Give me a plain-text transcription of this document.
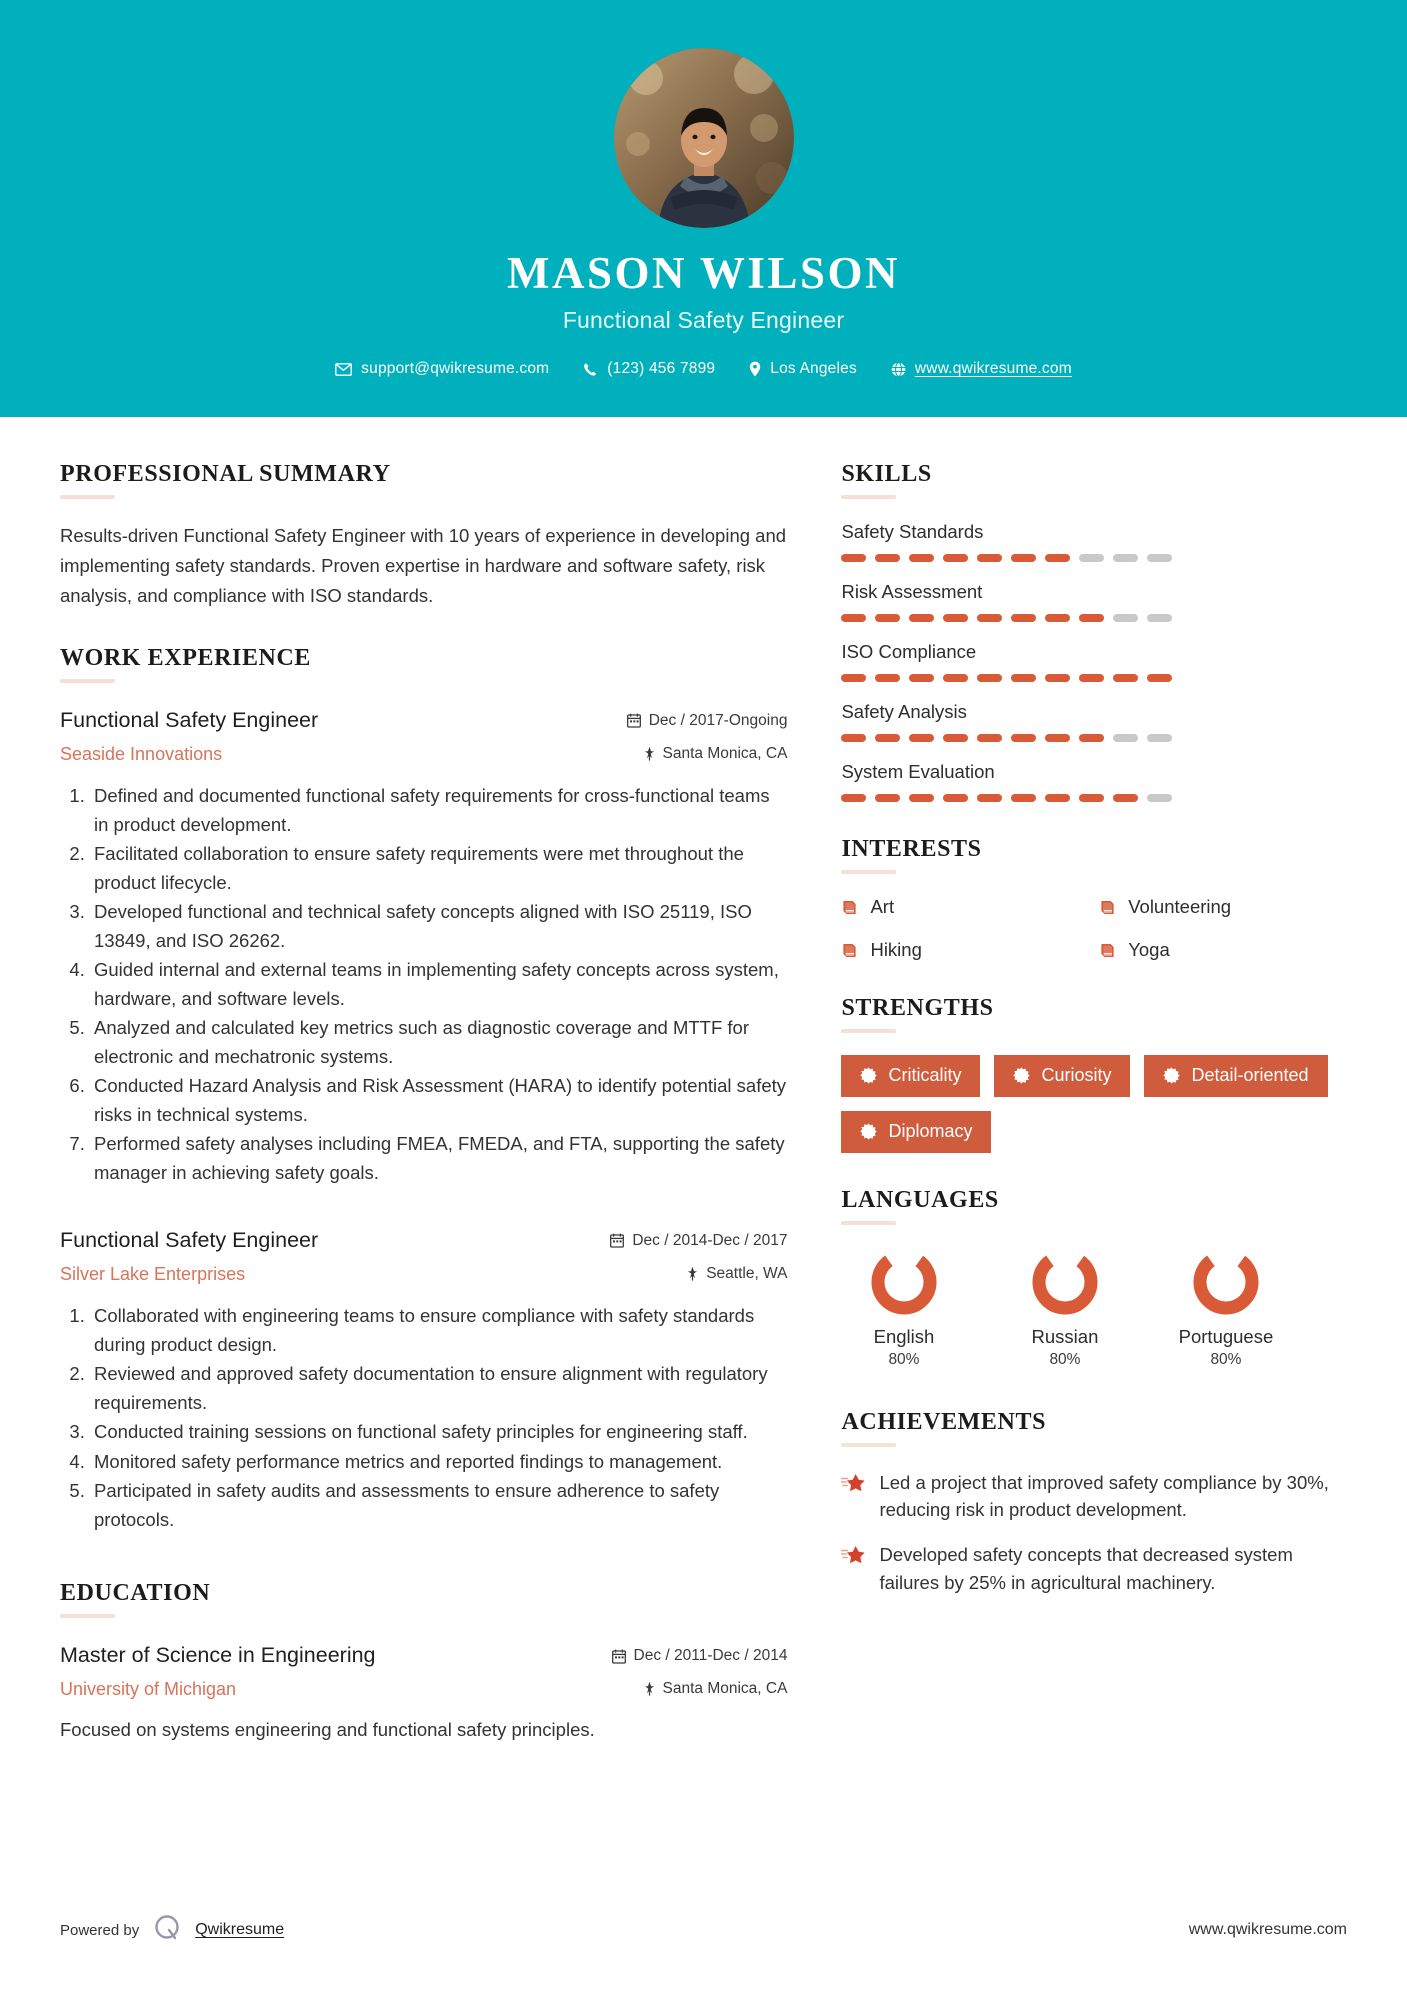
MASON WILSON
Functional Safety Engineer
support@qwikresume.com	(123) 456 7899	Los Angeles	www.qwikresume.com
PROFESSIONAL SUMMARY
Results-driven Functional Safety Engineer with 10 years of experience in developing and implementing safety standards. Proven expertise in hardware and software safety, risk analysis, and compliance with ISO standards.
WORK EXPERIENCE
Functional Safety Engineer
Seaside Innovations
Dec / 2017-Ongoing
Santa Monica, CA
1. Defined and documented functional safety requirements for cross-functional teams in product development.
2. Facilitated collaboration to ensure safety requirements were met throughout the product lifecycle.
3. Developed functional and technical safety concepts aligned with ISO 25119, ISO 13849, and ISO 26262.
4. Guided internal and external teams in implementing safety concepts across system, hardware, and software levels.
5. Analyzed and calculated key metrics such as diagnostic coverage and MTTF for electronic and mechatronic systems.
6. Conducted Hazard Analysis and Risk Assessment (HARA) to identify potential safety risks in technical systems.
7. Performed safety analyses including FMEA, FMEDA, and FTA, supporting the safety manager in achieving safety goals.
Functional Safety Engineer
Silver Lake Enterprises
Dec / 2014-Dec / 2017
Seattle, WA
1. Collaborated with engineering teams to ensure compliance with safety standards during product design.
2. Reviewed and approved safety documentation to ensure alignment with regulatory requirements.
3. Conducted training sessions on functional safety principles for engineering staff.
4. Monitored safety performance metrics and reported findings to management.
5. Participated in safety audits and assessments to ensure adherence to safety protocols.
EDUCATION
Master of Science in Engineering
University of Michigan
Dec / 2011-Dec / 2014
Santa Monica, CA
Focused on systems engineering and functional safety principles.
SKILLS
Safety Standards
Risk Assessment
ISO Compliance
Safety Analysis
System Evaluation
INTERESTS
Art	Volunteering
Hiking	Yoga
STRENGTHS
Criticality	Curiosity	Detail-oriented
Diplomacy
LANGUAGES
English
80%
Russian
80%
Portuguese
80%
ACHIEVEMENTS
Led a project that improved safety compliance by 30%, reducing risk in product development.
Developed safety concepts that decreased system failures by 25% in agricultural machinery.
Powered by	Qwikresume	www.qwikresume.com
